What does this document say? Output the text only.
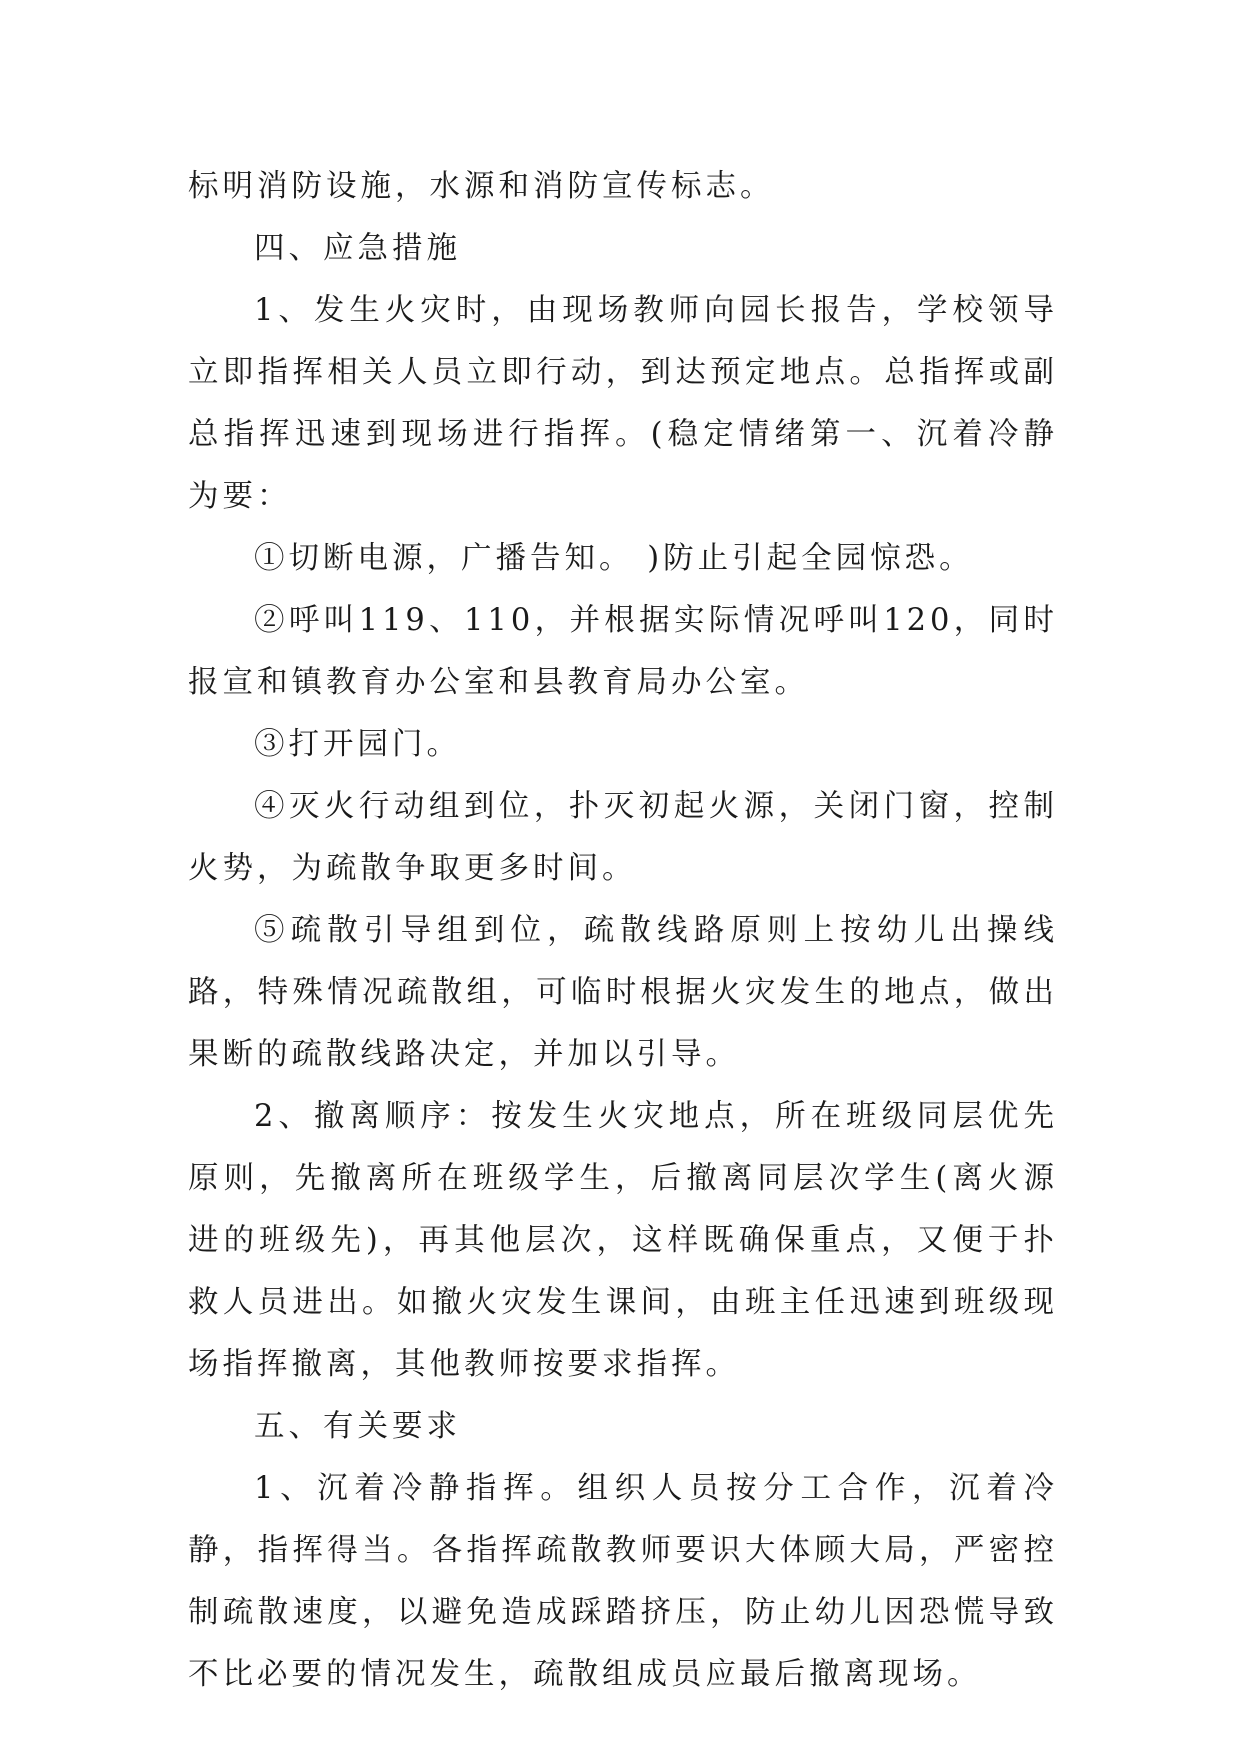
标明消防设施，水源和消防宣传标志。

四、应急措施

1、发生火灾时，由现场教师向园长报告，学校领导立即指挥相关人员立即行动，到达预定地点。总指挥或副总指挥迅速到现场进行指挥。(稳定情绪第一、沉着冷静为要：

①切断电源，广播告知。 )防止引起全园惊恐。

②呼叫119、110，并根据实际情况呼叫120，同时报宣和镇教育办公室和县教育局办公室。

③打开园门。

④灭火行动组到位，扑灭初起火源，关闭门窗，控制火势，为疏散争取更多时间。

⑤疏散引导组到位，疏散线路原则上按幼儿出操线路，特殊情况疏散组，可临时根据火灾发生的地点，做出果断的疏散线路决定，并加以引导。

2、撤离顺序：按发生火灾地点，所在班级同层优先原则，先撤离所在班级学生，后撤离同层次学生(离火源进的班级先)，再其他层次，这样既确保重点，又便于扑救人员进出。如撤火灾发生课间，由班主任迅速到班级现场指挥撤离，其他教师按要求指挥。

五、有关要求

1、沉着冷静指挥。组织人员按分工合作，沉着冷静，指挥得当。各指挥疏散教师要识大体顾大局，严密控制疏散速度，以避免造成踩踏挤压，防止幼儿因恐慌导致不比必要的情况发生，疏散组成员应最后撤离现场。
